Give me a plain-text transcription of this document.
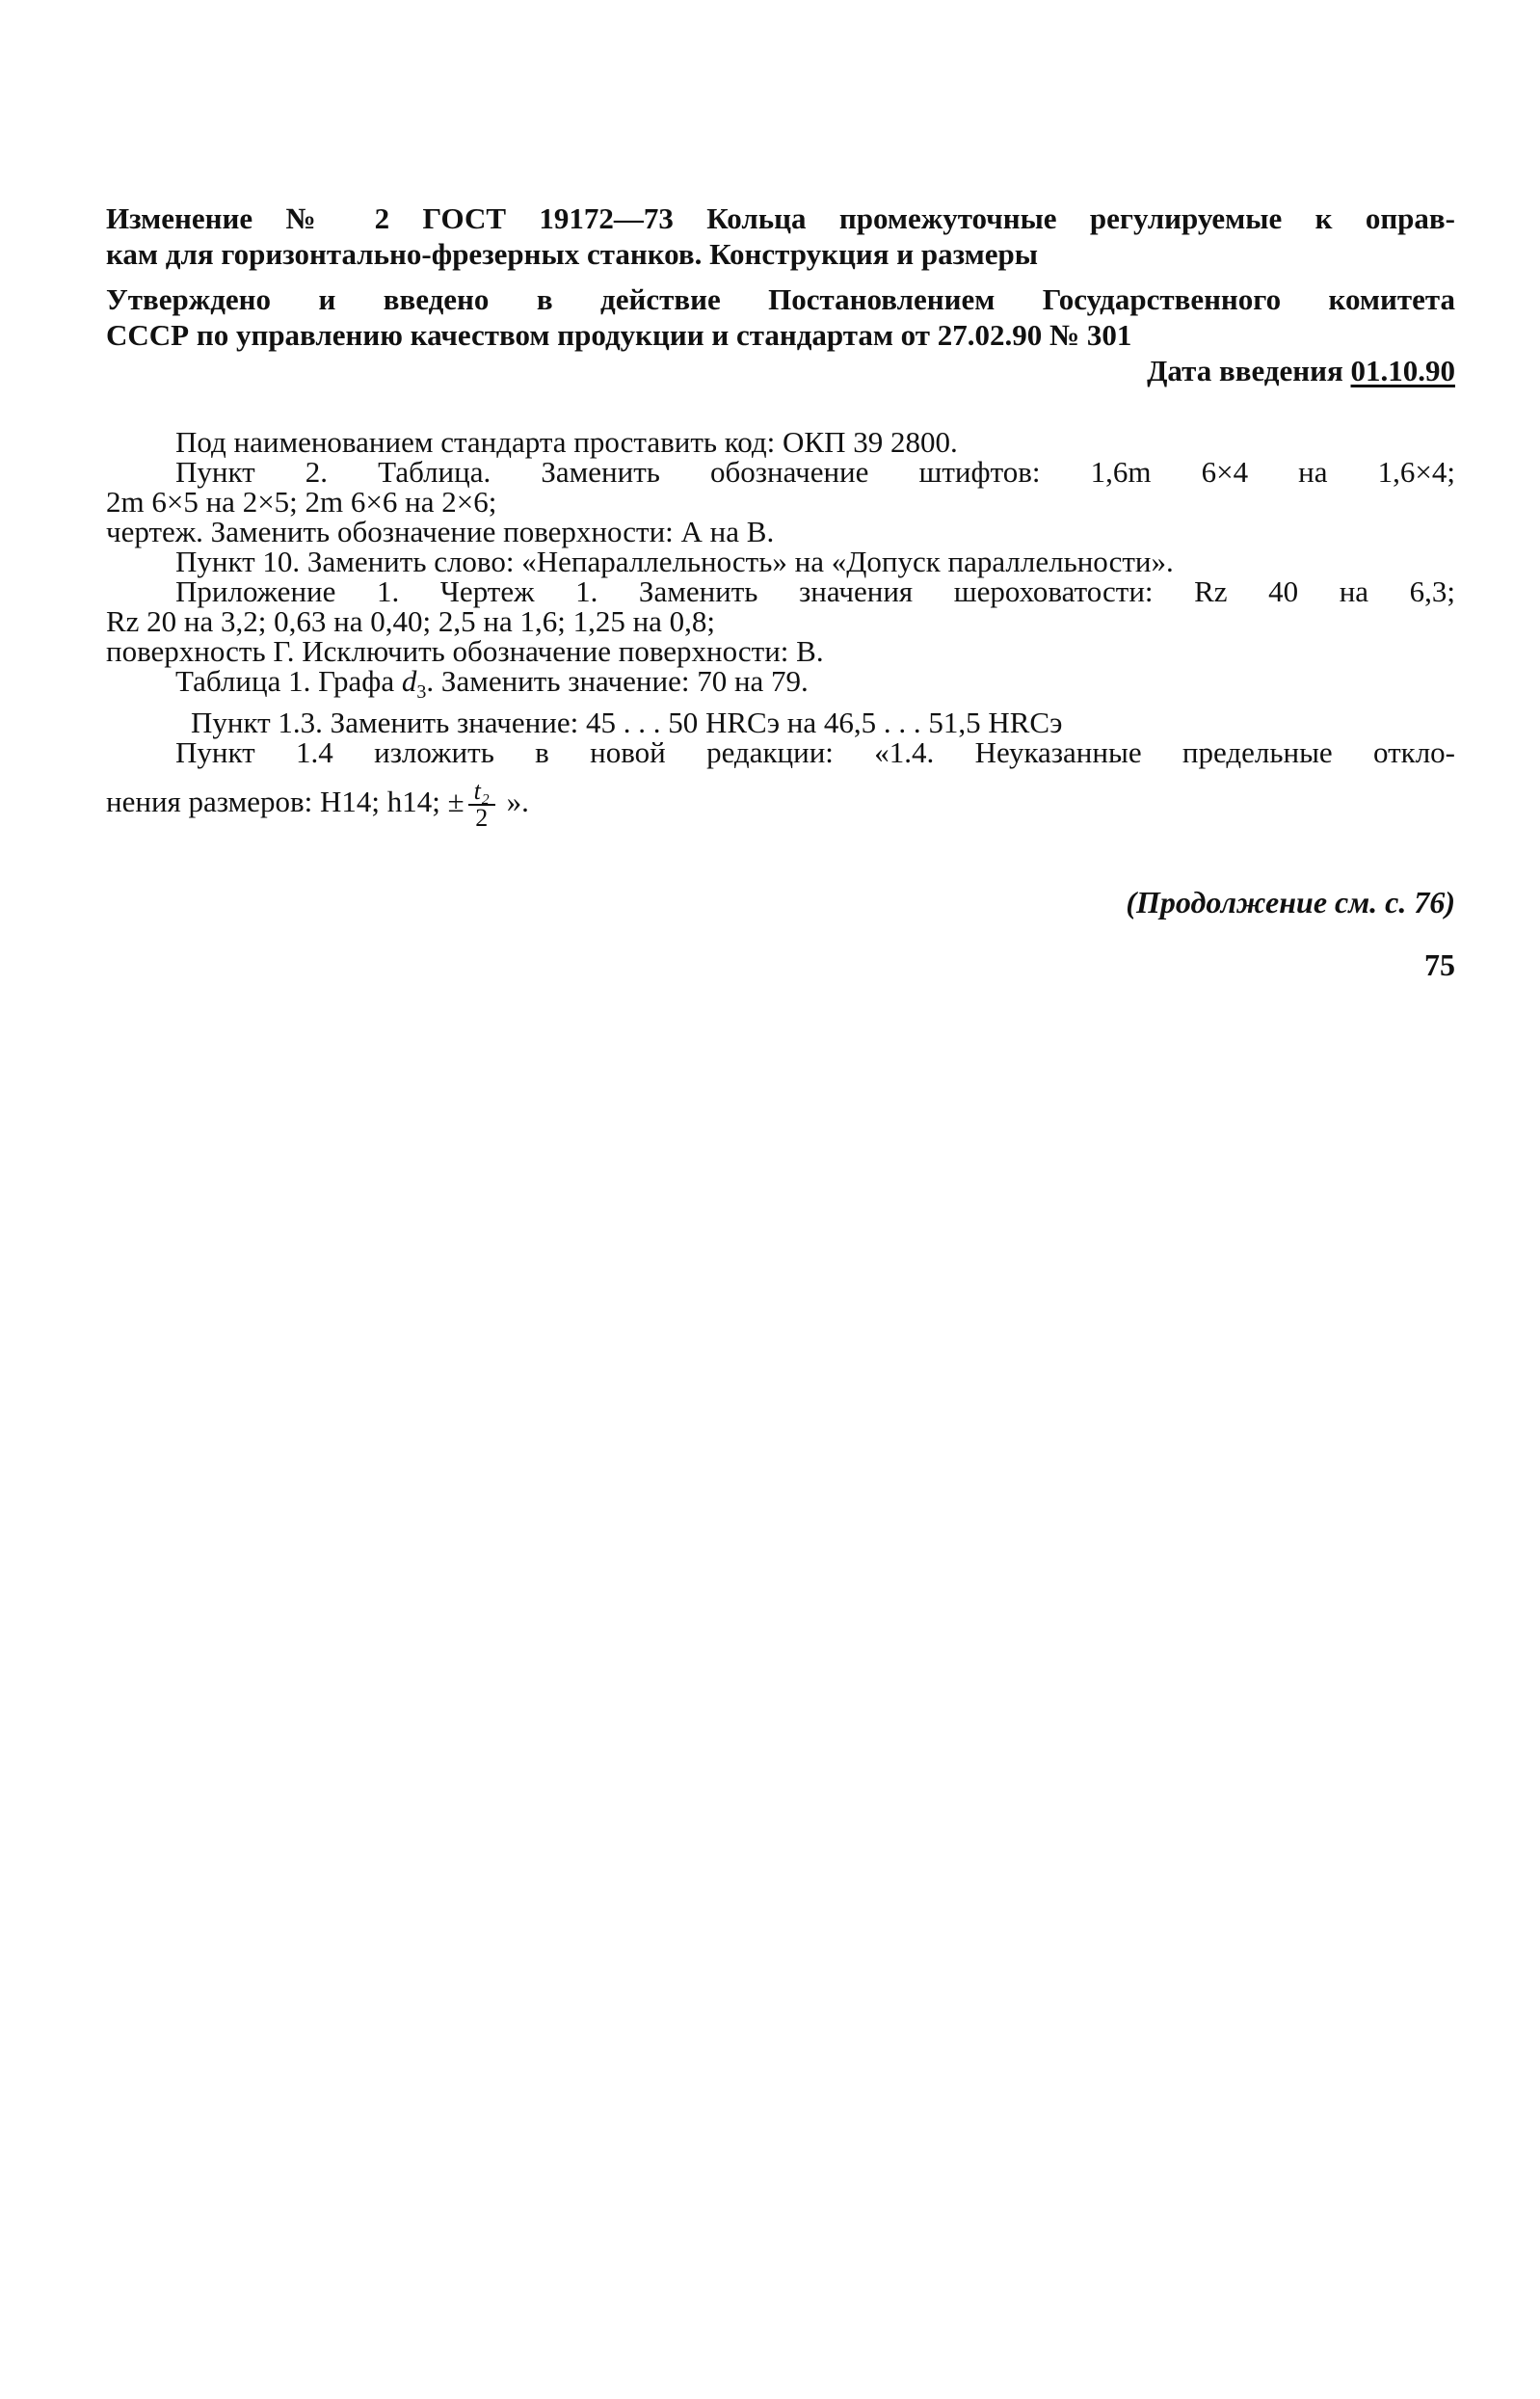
Изменение № 2 ГОСТ 19172—73 Кольца промежуточные регулируемые к оправ-

кам для горизонтально-фрезерных станков. Конструкция и размеры

Утверждено и введено в действие Постановлением Государственного комитета

СССР по управлению качеством продукции и стандартам от 27.02.90 № 301

Дата введения 01.10.90

Под наименованием стандарта проставить код: ОКП 39 2800.

Пункт 2. Таблица. Заменить обозначение штифтов: 1,6m 6×4 на 1,6×4;

2m 6×5 на 2×5; 2m 6×6 на 2×6;

чертеж. Заменить обозначение поверхности: А на В.

Пункт 10. Заменить слово: «Непараллельность» на «Допуск параллельности».

Приложение 1. Чертеж 1. Заменить значения шероховатости: Rz 40 на 6,3;

Rz 20 на 3,2; 0,63 на 0,40; 2,5 на 1,6; 1,25 на 0,8;

поверхность Г. Исключить обозначение поверхности: В.

Таблица 1. Графа $d_3$. Заменить значение: 70 на 79.

Пункт 1.3. Заменить значение: 45 . . . 50 HRCэ на 46,5 . . . 51,5 HRCэ

Пункт 1.4 изложить в новой редакции: «1.4. Неуказанные предельные откло-

нения размеров: H14; h14; ± $\frac{\text{t₂}}{2}$ ».

(Продолжение см. с. 76)
75
